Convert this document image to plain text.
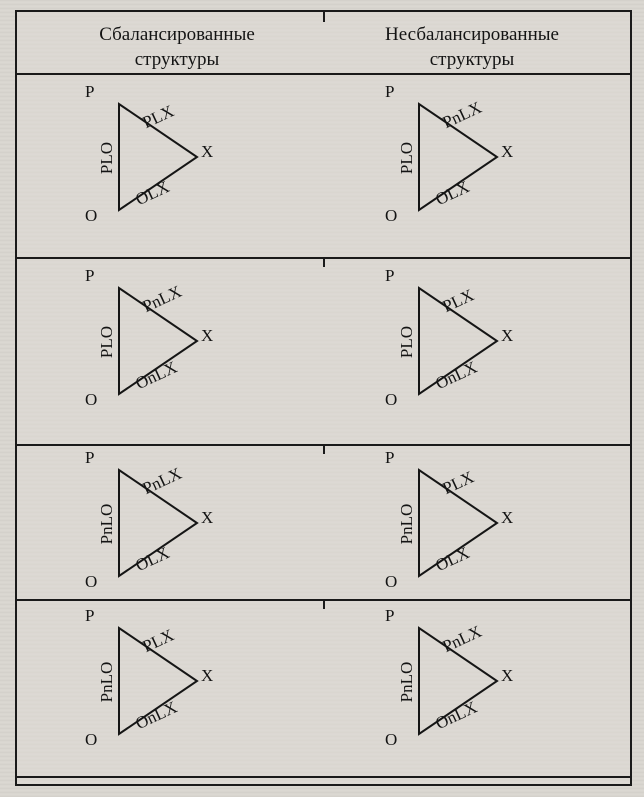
Сбалансированные
структуры
Несбалансированные
структуры
P
O
X
PLX
OLX
PLO
P
O
X
PnLX
OLX
PLO
P
O
X
PnLX
OnLX
PLO
P
O
X
PLX
OnLX
PLO
P
O
X
PnLX
OLX
PnLO
P
O
X
PLX
OLX
PnLO
P
O
X
PLX
OnLX
PnLO
P
O
X
PnLX
OnLX
PnLO
